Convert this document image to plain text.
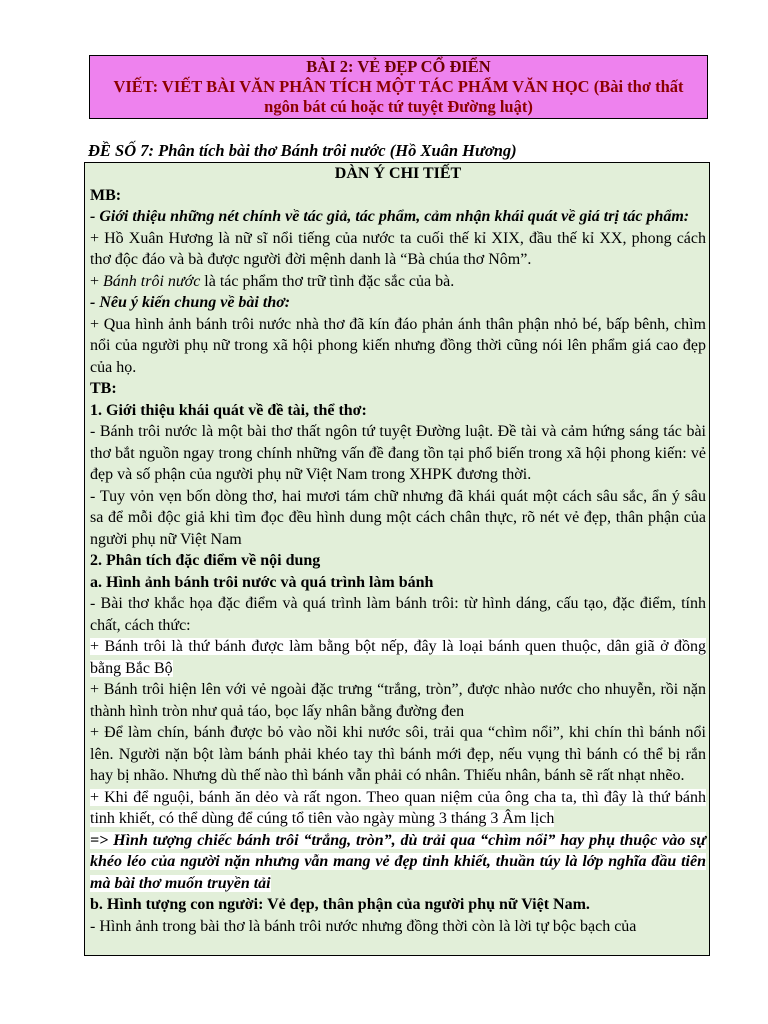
BÀI 2: VẺ ĐẸP CỔ ĐIỂN
VIẾT: VIẾT BÀI VĂN PHÂN TÍCH MỘT TÁC PHẨM VĂN HỌC (Bài thơ thất
ngôn bát cú hoặc tứ tuyệt Đường luật)
ĐỀ SỐ 7: Phân tích bài thơ Bánh trôi nước (Hồ Xuân Hương)

DÀN Ý CHI TIẾT

MB:

- Giới thiệu những nét chính về tác giả, tác phẩm, cảm nhận khái quát về giá trị tác phẩm:

+ Hồ Xuân Hương là nữ sĩ nổi tiếng của nước ta cuối thế kỉ XIX, đầu thế kỉ XX, phong cách thơ độc đáo và bà được người đời mệnh danh là “Bà chúa thơ Nôm”.

+ Bánh trôi nước là tác phẩm thơ trữ tình đặc sắc của bà.

- Nêu ý kiến chung về bài thơ:

+ Qua hình ảnh bánh trôi nước nhà thơ đã kín đáo phản ánh thân phận nhỏ bé, bấp bênh, chìm nổi của người phụ nữ trong xã hội phong kiến nhưng đồng thời cũng nói lên phẩm giá cao đẹp của họ.

TB:

1. Giới thiệu khái quát về đề tài, thể thơ:

- Bánh trôi nước là một bài thơ thất ngôn tứ tuyệt Đường luật. Đề tài và cảm hứng sáng tác bài thơ bắt nguồn ngay trong chính những vấn đề đang tồn tại phổ biến trong xã hội phong kiến: vẻ đẹp và số phận của người phụ nữ Việt Nam trong XHPK đương thời.

- Tuy vỏn vẹn bốn dòng thơ, hai mươi tám chữ nhưng đã khái quát một cách sâu sắc, ẩn ý sâu sa để mỗi độc giả khi tìm đọc đều hình dung một cách chân thực, rõ nét vẻ đẹp, thân phận của người phụ nữ Việt Nam

2. Phân tích đặc điểm về nội dung

a. Hình ảnh bánh trôi nước và quá trình làm bánh

- Bài thơ khắc họa đặc điểm và quá trình làm bánh trôi: từ hình dáng, cấu tạo, đặc điểm, tính chất, cách thức:

+ Bánh trôi là thứ bánh được làm bằng bột nếp, đây là loại bánh quen thuộc, dân giã ở đồng bằng Bắc Bộ

+ Bánh trôi hiện lên với vẻ ngoài đặc trưng “trắng, tròn”, được nhào nước cho nhuyễn, rồi nặn thành hình tròn như quả táo, bọc lấy nhân bằng đường đen

+ Để làm chín, bánh được bỏ vào nồi khi nước sôi, trải qua “chìm nổi”, khi chín thì bánh nổi lên. Người nặn bột làm bánh phải khéo tay thì bánh mới đẹp, nếu vụng thì bánh có thể bị rắn hay bị nhão. Nhưng dù thế nào thì bánh vẫn phải có nhân. Thiếu nhân, bánh sẽ rất nhạt nhẽo.

+ Khi để nguội, bánh ăn dẻo và rất ngon. Theo quan niệm của ông cha ta, thì đây là thứ bánh tinh khiết, có thể dùng để cúng tổ tiên vào ngày mùng 3 tháng 3 Âm lịch

=> Hình tượng chiếc bánh trôi “trắng, tròn”, dù trải qua “chìm nổi” hay phụ thuộc vào sự khéo léo của người nặn nhưng vẫn mang vẻ đẹp tinh khiết, thuần túy là lớp nghĩa đầu tiên mà bài thơ muốn truyền tải

b. Hình tượng con người: Vẻ đẹp, thân phận của người phụ nữ Việt Nam.

- Hình ảnh trong bài thơ là bánh trôi nước nhưng đồng thời còn là lời tự bộc bạch của
